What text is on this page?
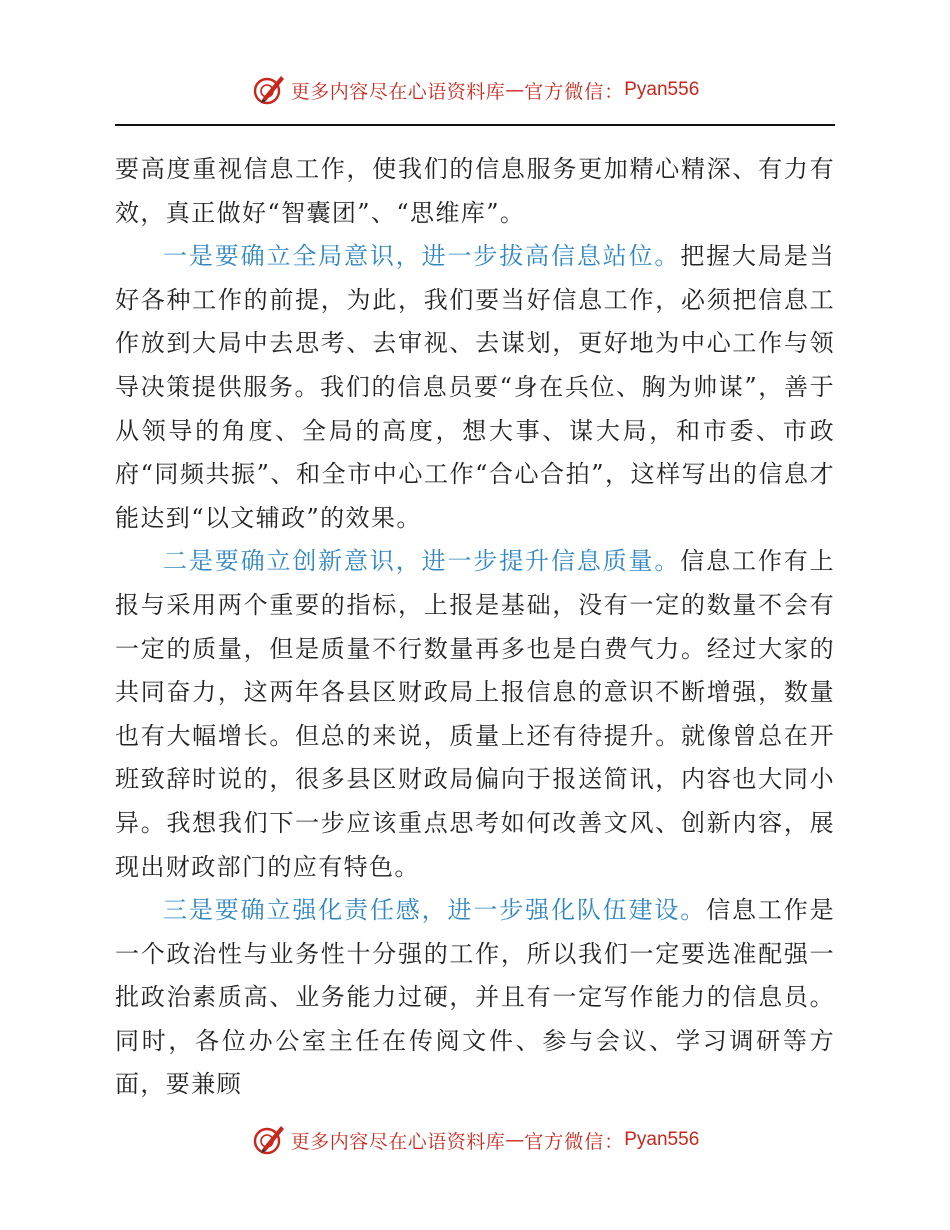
更多内容尽在心语资料库 — 官方微信： Pyan556

要高度重视信息工作，使我们的信息服务更加精心精深、有力有效，真正做好“智囊团”、“思维库”。

一是要确立全局意识，进一步拔高信息站位。把握大局是当好各种工作的前提，为此，我们要当好信息工作，必须把信息工作放到大局中去思考、去审视、去谋划，更好地为中心工作与领导决策提供服务。我们的信息员要“身在兵位、胸为帅谋”，善于从领导的角度、全局的高度，想大事、谋大局，和市委、市政府“同频共振”、和全市中心工作“合心合拍”，这样写出的信息才能达到“以文辅政”的效果。

二是要确立创新意识，进一步提升信息质量。信息工作有上报与采用两个重要的指标，上报是基础，没有一定的数量不会有一定的质量，但是质量不行数量再多也是白费气力。经过大家的共同奋力，这两年各县区财政局上报信息的意识不断增强，数量也有大幅增长。但总的来说，质量上还有待提升。就像曾总在开班致辞时说的，很多县区财政局偏向于报送简讯，内容也大同小异。我想我们下一步应该重点思考如何改善文风、创新内容，展现出财政部门的应有特色。

三是要确立强化责任感，进一步强化队伍建设。信息工作是一个政治性与业务性十分强的工作，所以我们一定要选准配强一批政治素质高、业务能力过硬，并且有一定写作能力的信息员。同时，各位办公室主任在传阅文件、参与会议、学习调研等方面，要兼顾

更多内容尽在心语资料库 — 官方微信： Pyan556
